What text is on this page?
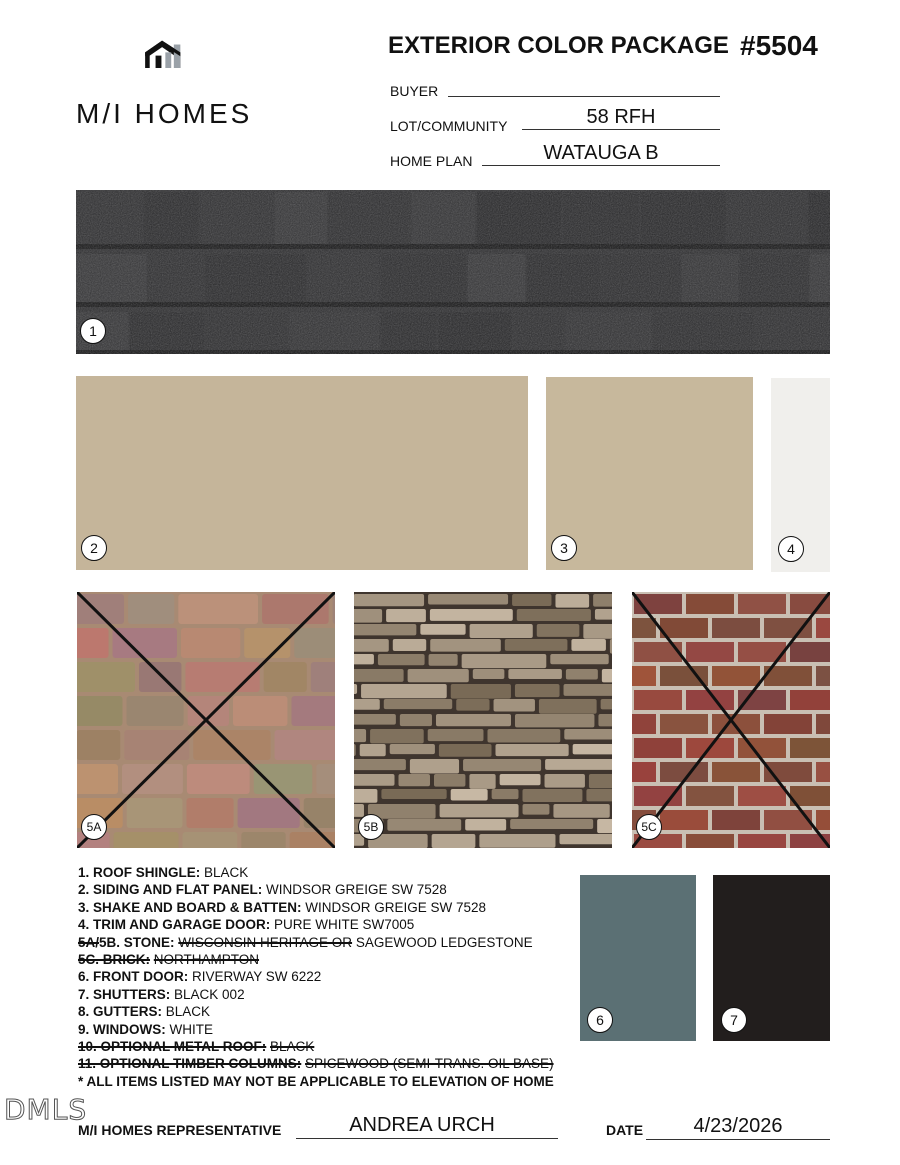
M/I HOMES
EXTERIOR COLOR PACKAGE #5504
BUYER
LOT/COMMUNITY	58 RFH
HOME PLAN	WATAUGA B
1
2	3	4
5A	5B	5C
1. ROOF SHINGLE: BLACK
2. SIDING AND FLAT PANEL: WINDSOR GREIGE SW 7528
3. SHAKE AND BOARD & BATTEN: WINDSOR GREIGE SW 7528
4. TRIM AND GARAGE DOOR: PURE WHITE SW7005
5A/5B. STONE: WISCONSIN HERITAGE OR SAGEWOOD LEDGESTONE
5C. BRICK: NORTHAMPTON
6. FRONT DOOR: RIVERWAY SW 6222
7. SHUTTERS: BLACK 002
8. GUTTERS: BLACK
9. WINDOWS: WHITE
10. OPTIONAL METAL ROOF: BLACK
11. OPTIONAL TIMBER COLUMNS: SPICEWOOD (SEMI-TRANS. OIL BASE)
* ALL ITEMS LISTED MAY NOT BE APPLICABLE TO ELEVATION OF HOME
6	7
DMLS
M/I HOMES REPRESENTATIVE	ANDREA URCH	DATE	4/23/2026
